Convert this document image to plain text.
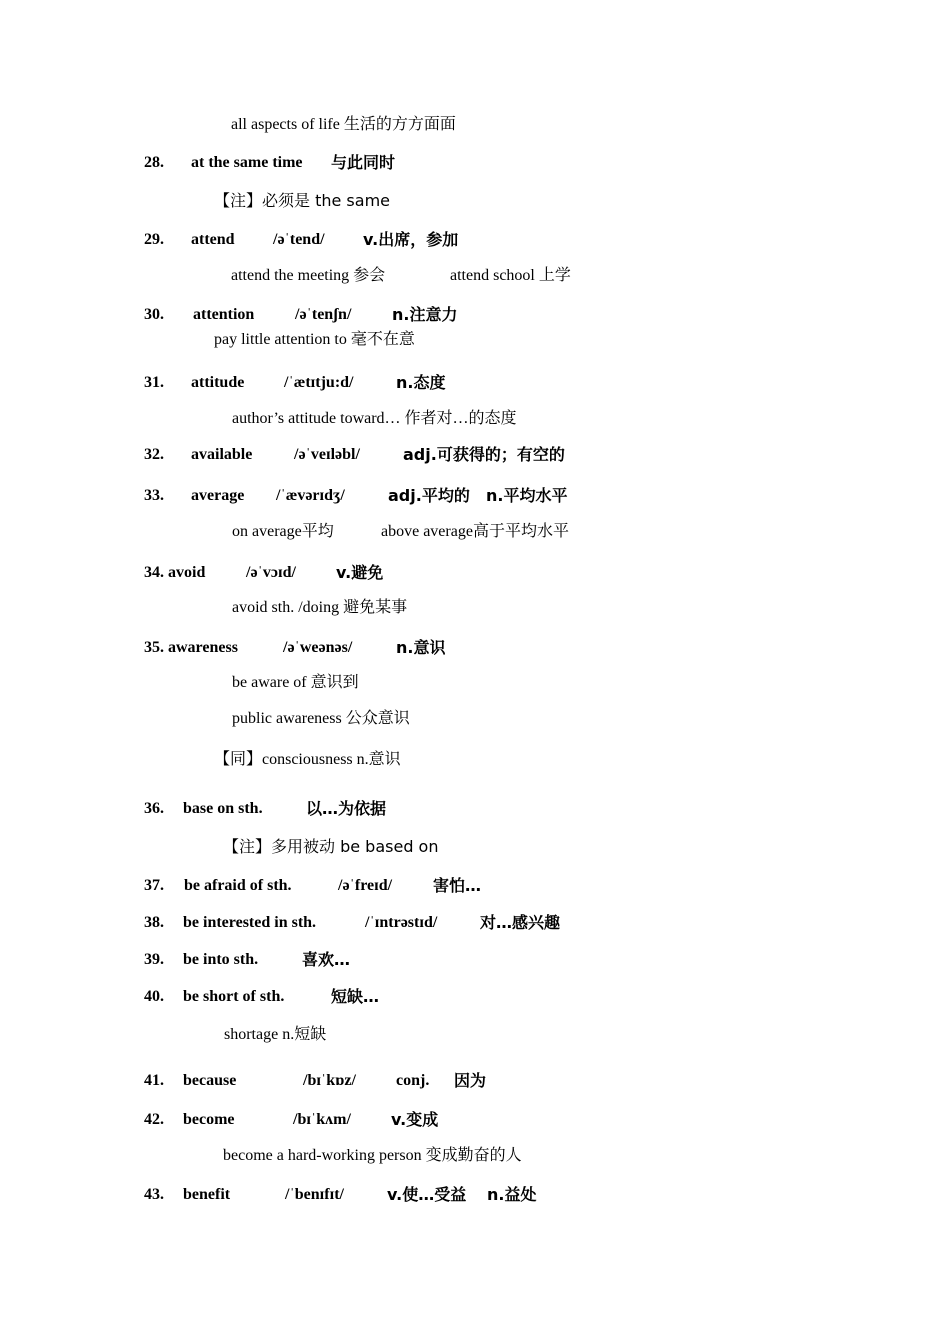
all aspects of life 生活的方方面面
28. at the same time 与此同时
【注】必须是 the same
29. attend /əˈtend/ v.出席，参加
attend the meeting 参会	attend school 上学
30. attention	/əˈtenʃn/	n.注意力
pay little attention to 毫不在意
31. attitude /ˈætɪtju:d/	n.态度
author’s attitude toward… 作者对…的态度
32. available	/əˈveɪləbl/	adj.可获得的；有空的
33. average /ˈævərɪdʒ/	adj.平均的 n.平均水平
on average平均	above average高于平均水平
34. avoid	/əˈvɔɪd/	v.避免
avoid sth. /doing 避免某事
35. awareness	/əˈweənəs/	n.意识
be aware of 意识到
public awareness 公众意识
【同】consciousness n.意识
36. base on sth.	以…为依据
【注】多用被动 be based on
37. be afraid of sth.	/əˈfreɪd/	害怕…
38. be interested in sth.	/ˈɪntrəstɪd/	对…感兴趣
39. be into sth.	喜欢…
40. be short of sth.	短缺…
shortage n.短缺
41. because	/bɪˈkɒz/	conj. 因为
42. become	/bɪˈkʌm/	v.变成
become a hard-working person 变成勤奋的人
43. benefit	/ˈbenɪfɪt/	v.使…受益 n.益处
